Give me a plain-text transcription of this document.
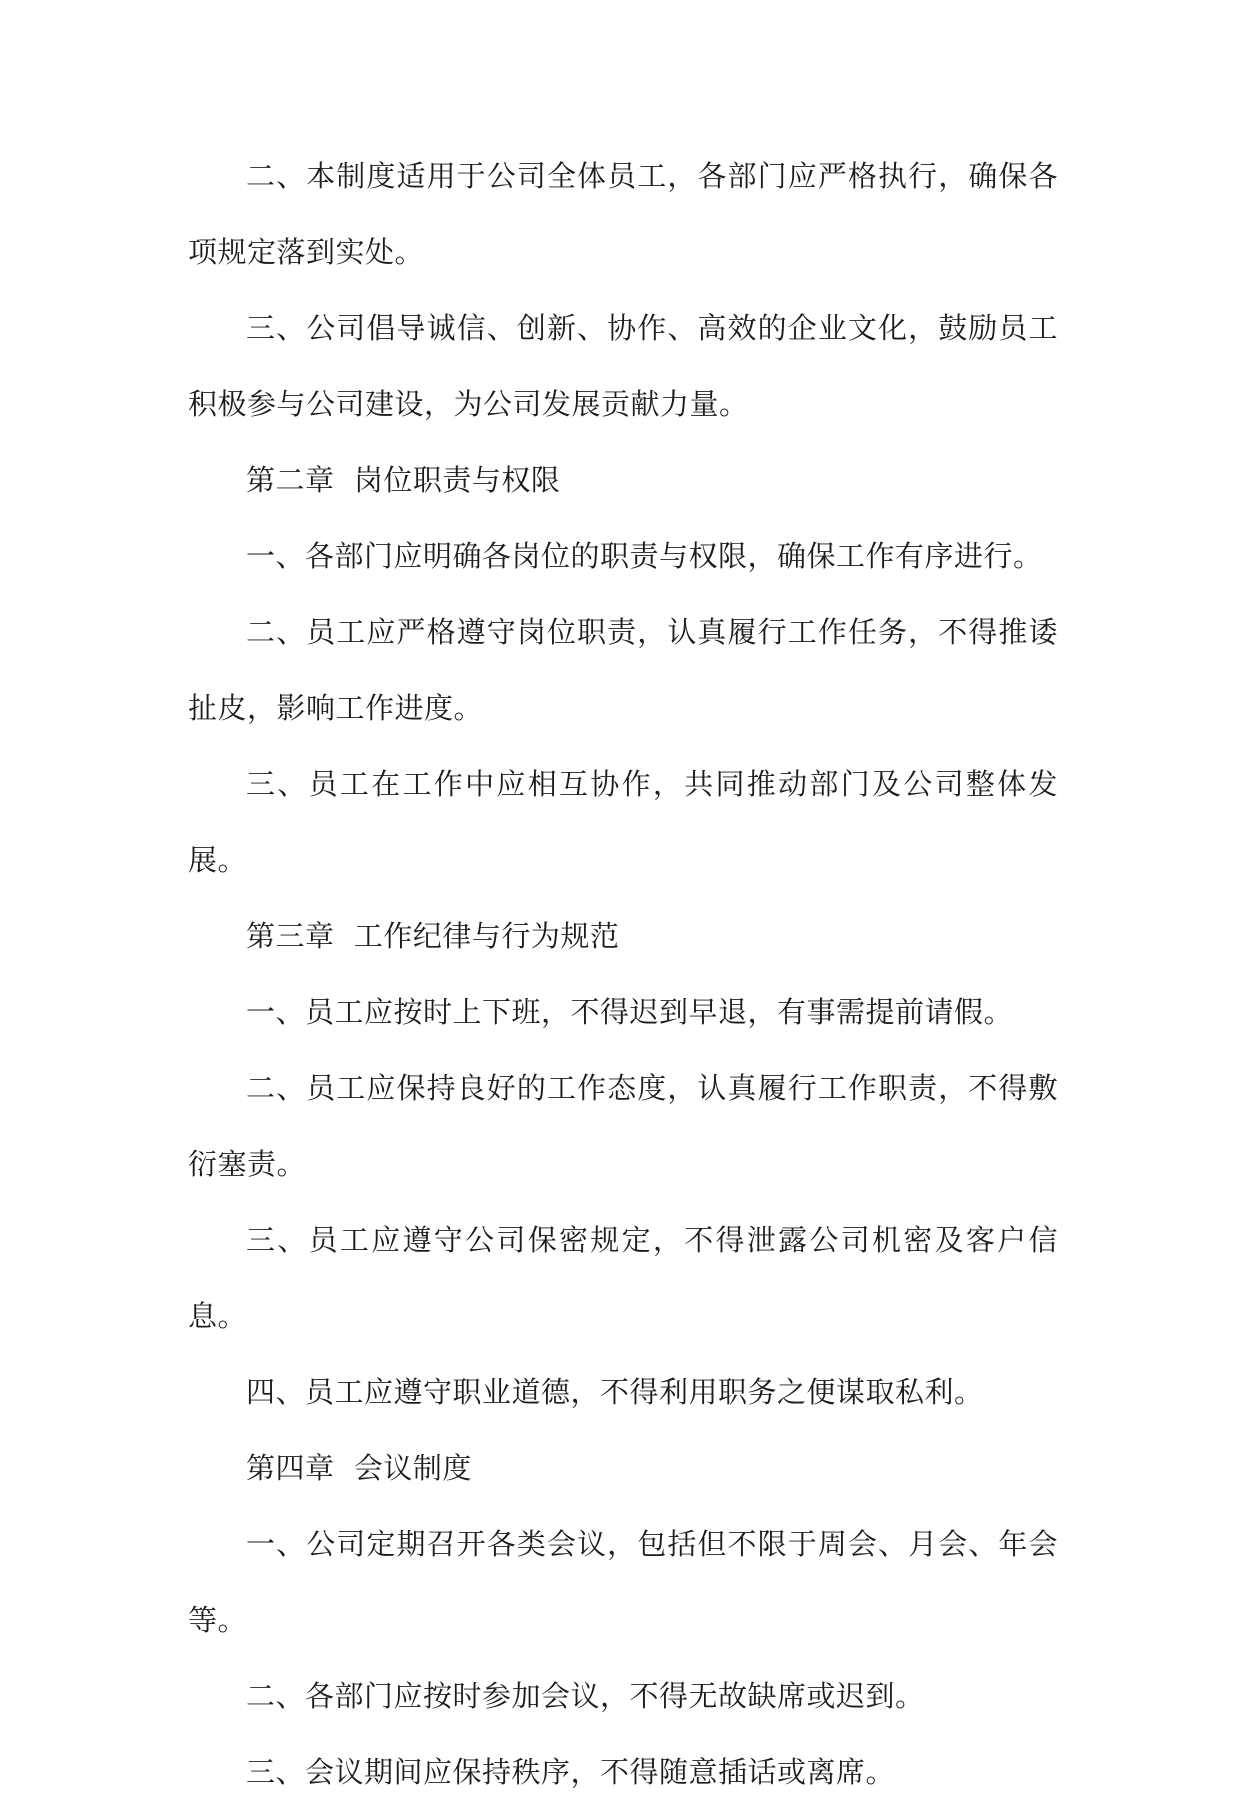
二、本制度适用于公司全体员工，各部门应严格执行，确保各项规定落到实处。

三、公司倡导诚信、创新、协作、高效的企业文化，鼓励员工积极参与公司建设，为公司发展贡献力量。

第二章  岗位职责与权限

一、各部门应明确各岗位的职责与权限，确保工作有序进行。

二、员工应严格遵守岗位职责，认真履行工作任务，不得推诿扯皮，影响工作进度。

三、员工在工作中应相互协作，共同推动部门及公司整体发展。

第三章  工作纪律与行为规范

一、员工应按时上下班，不得迟到早退，有事需提前请假。

二、员工应保持良好的工作态度，认真履行工作职责，不得敷衍塞责。

三、员工应遵守公司保密规定，不得泄露公司机密及客户信息。

四、员工应遵守职业道德，不得利用职务之便谋取私利。

第四章  会议制度

一、公司定期召开各类会议，包括但不限于周会、月会、年会等。

二、各部门应按时参加会议，不得无故缺席或迟到。

三、会议期间应保持秩序，不得随意插话或离席。
